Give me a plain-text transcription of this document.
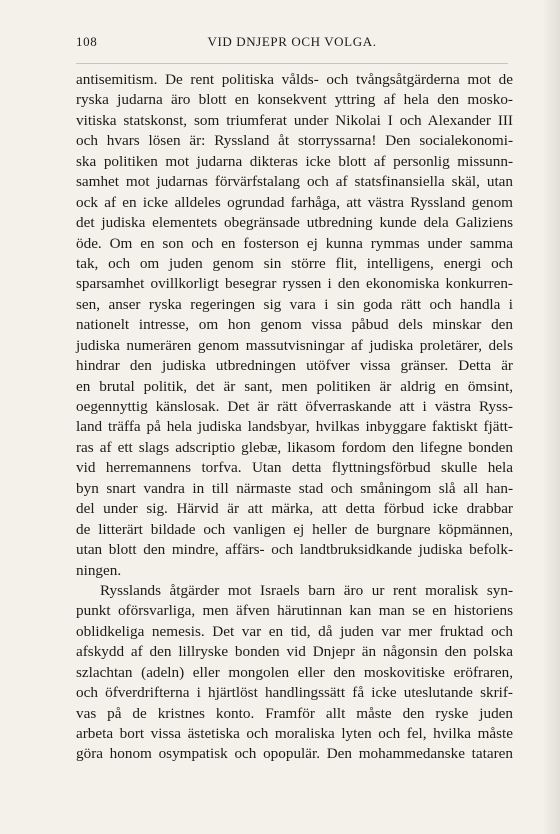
108	VID DNJEPR OCH VOLGA.
antisemitism. De rent politiska vålds- och tvångsåtgärderna mot de
ryska judarna äro blott en konsekvent yttring af hela den mosko-
vitiska statskonst, som triumferat under Nikolai I och Alexander III
och hvars lösen är: Ryssland åt storryssarna! Den socialekonomi-
ska politiken mot judarna dikteras icke blott af personlig missunn-
samhet mot judarnas förvärfstalang och af statsfinansiella skäl, utan
ock af en icke alldeles ogrundad farhåga, att västra Ryssland genom
det judiska elementets obegränsade utbredning kunde dela Galiziens
öde. Om en son och en fosterson ej kunna rymmas under samma
tak, och om juden genom sin större flit, intelligens, energi och
sparsamhet ovillkorligt besegrar ryssen i den ekonomiska konkurren-
sen, anser ryska regeringen sig vara i sin goda rätt och handla i
nationelt intresse, om hon genom vissa påbud dels minskar den
judiska numerären genom massutvisningar af judiska proletärer, dels
hindrar den judiska utbredningen utöfver vissa gränser. Detta är
en brutal politik, det är sant, men politiken är aldrig en ömsint,
oegennyttig känslosak. Det är rätt öfverraskande att i västra Ryss-
land träffa på hela judiska landsbyar, hvilkas inbyggare faktiskt fjätt-
ras af ett slags adscriptio glebæ, likasom fordom den lifegne bonden
vid herremannens torfva. Utan detta flyttningsförbud skulle hela
byn snart vandra in till närmaste stad och småningom slå all han-
del under sig. Härvid är att märka, att detta förbud icke drabbar
de litterärt bildade och vanligen ej heller de burgnare köpmännen,
utan blott den mindre, affärs- och landtbruksidkande judiska befolk-
ningen.
Rysslands åtgärder mot Israels barn äro ur rent moralisk syn-
punkt oförsvarliga, men äfven härutinnan kan man se en historiens
oblidkeliga nemesis. Det var en tid, då juden var mer fruktad och
afskydd af den lillryske bonden vid Dnjepr än någonsin den polska
szlachtan (adeln) eller mongolen eller den moskovitiske eröfraren,
och öfverdrifterna i hjärtlöst handlingssätt få icke uteslutande skrif-
vas på de kristnes konto. Framför allt måste den ryske juden
arbeta bort vissa ästetiska och moraliska lyten och fel, hvilka måste
göra honom osympatisk och opopulär. Den mohammedanske tataren
